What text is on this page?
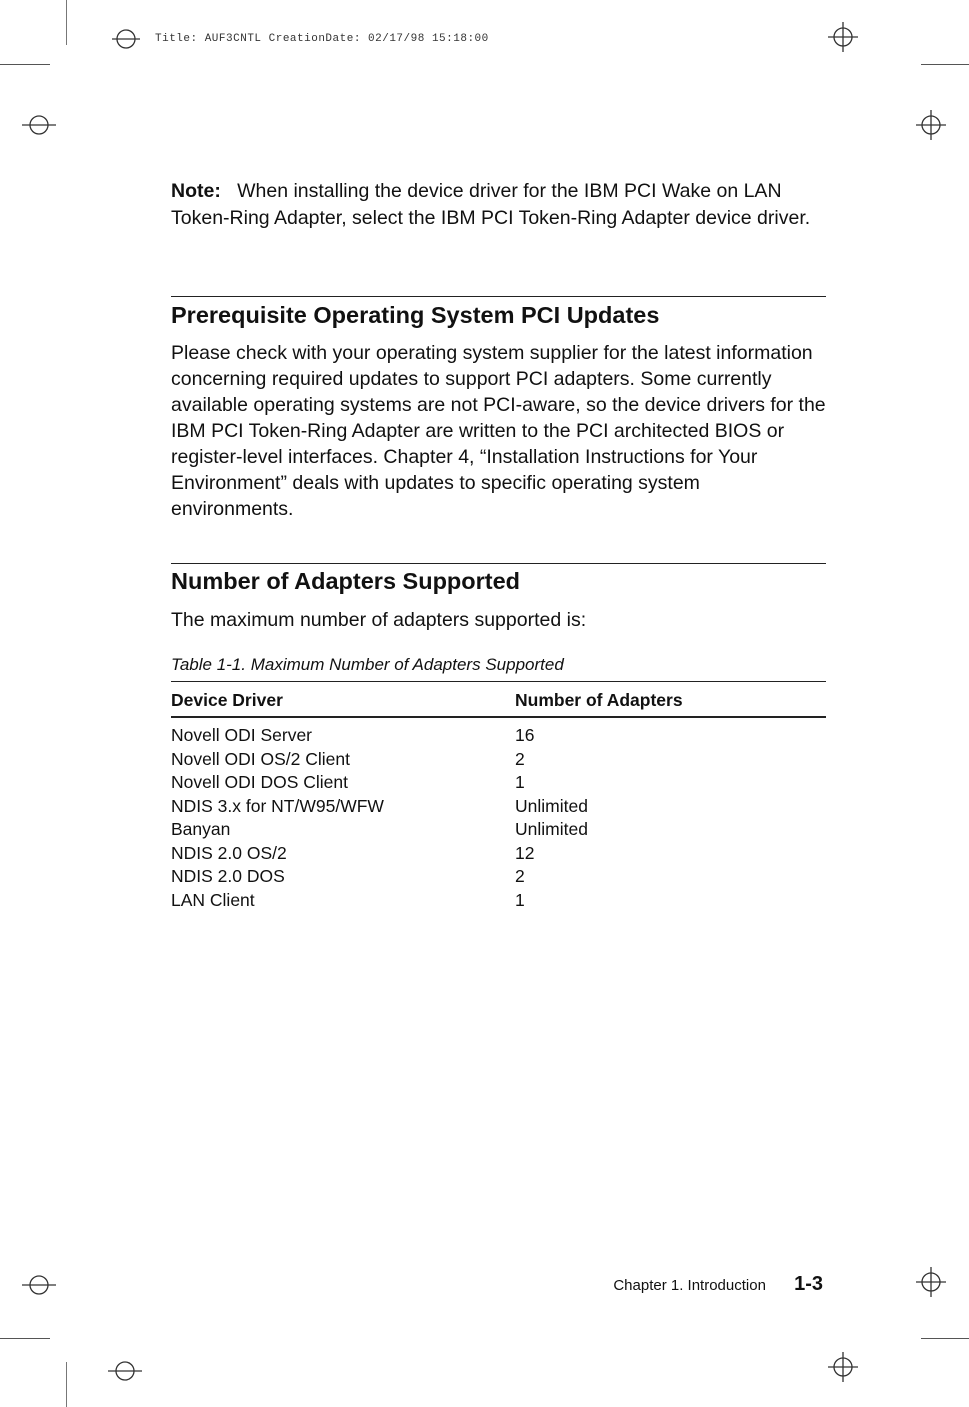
Title: AUF3CNTL CreationDate: 02/17/98 15:18:00
Note: When installing the device driver for the IBM PCI Wake on LAN Token-Ring Adapter, select the IBM PCI Token-Ring Adapter device driver.
Prerequisite Operating System PCI Updates
Please check with your operating system supplier for the latest information concerning required updates to support PCI adapters. Some currently available operating systems are not PCI-aware, so the device drivers for the IBM PCI Token-Ring Adapter are written to the PCI architected BIOS or register-level interfaces. Chapter 4, “Installation Instructions for Your Environment” deals with updates to specific operating system environments.
Number of Adapters Supported
The maximum number of adapters supported is:
Table 1-1. Maximum Number of Adapters Supported
Device Driver	Number of Adapters
Novell ODI Server	16
Novell ODI OS/2 Client	2
Novell ODI DOS Client	1
NDIS 3.x for NT/W95/WFW	Unlimited
Banyan	Unlimited
NDIS 2.0 OS/2	12
NDIS 2.0 DOS	2
LAN Client	1
Chapter 1. Introduction 1-3
